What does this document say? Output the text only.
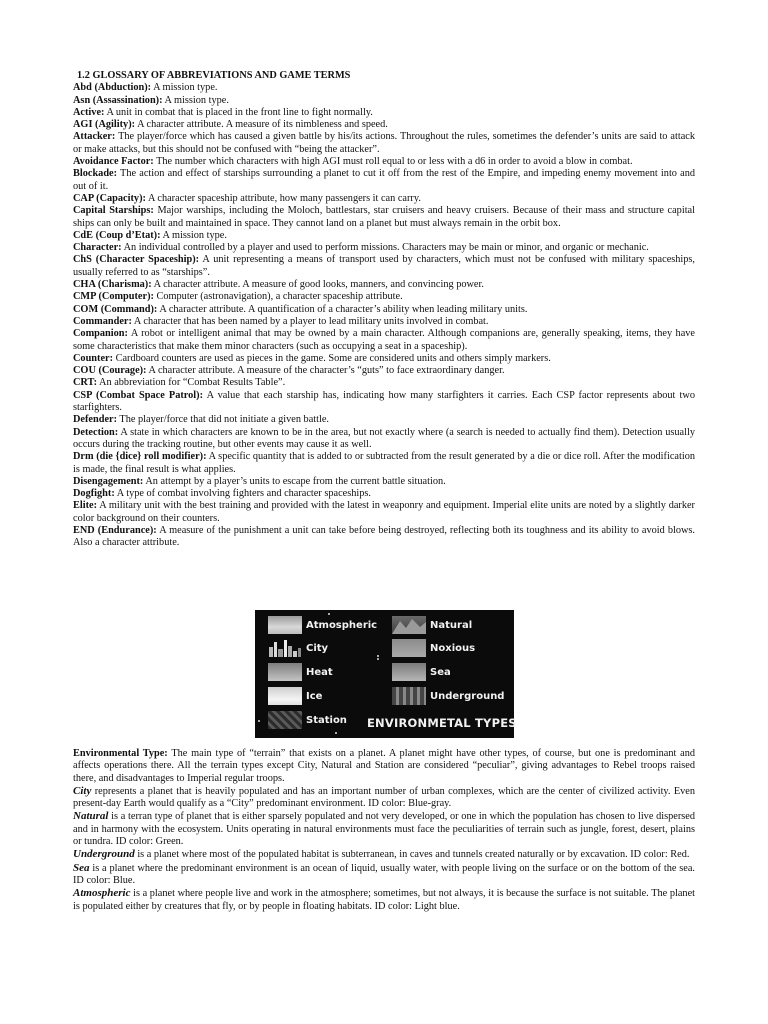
1.2 GLOSSARY OF ABBREVIATIONS AND GAME TERMS

Abd (Abduction): A mission type.

Asn (Assassination): A mission type.

Active: A unit in combat that is placed in the front line to fight normally.

AGI (Agility): A character attribute. A measure of its nimbleness and speed.

Attacker: The player/force which has caused a given battle by his/its actions. Throughout the rules, sometimes the defender’s units are said to attack or make attacks, but this should not be confused with “being the attacker”.

Avoidance Factor: The number which characters with high AGI must roll equal to or less with a d6 in order to avoid a blow in combat.

Blockade: The action and effect of starships surrounding a planet to cut it off from the rest of the Empire, and impeding enemy movement into and out of it.

CAP (Capacity): A character spaceship attribute, how many passengers it can carry.

Capital Starships: Major warships, including the Moloch, battlestars, star cruisers and heavy cruisers. Because of their mass and structure capital ships can only be built and maintained in space. They cannot land on a planet but must always remain in the orbit box.

CdE (Coup d’Etat): A mission type.

Character: An individual controlled by a player and used to perform missions. Characters may be main or minor, and organic or mechanic.

ChS (Character Spaceship): A unit representing a means of transport used by characters, which must not be confused with military spaceships, usually referred to as “starships”.

CHA (Charisma): A character attribute. A measure of good looks, manners, and convincing power.

CMP (Computer): Computer (astronavigation), a character spaceship attribute.

COM (Command): A character attribute. A quantification of a character’s ability when leading military units.

Commander: A character that has been named by a player to lead military units involved in combat.

Companion: A robot or intelligent animal that may be owned by a main character. Although companions are, generally speaking, items, they have some characteristics that make them minor characters (such as occupying a seat in a spaceship).

Counter: Cardboard counters are used as pieces in the game. Some are considered units and others simply markers.

COU (Courage): A character attribute. A measure of the character’s “guts” to face extraordinary danger.

CRT: An abbreviation for “Combat Results Table”.

CSP (Combat Space Patrol): A value that each starship has, indicating how many starfighters it carries. Each CSP factor represents about two starfighters.

Defender: The player/force that did not initiate a given battle.

Detection: A state in which characters are known to be in the area, but not exactly where (a search is needed to actually find them). Detection usually occurs during the tracking routine, but other events may cause it as well.

Drm (die {dice} roll modifier): A specific quantity that is added to or subtracted from the result generated by a die or dice roll. After the modification is made, the final result is what applies.

Disengagement: An attempt by a player’s units to escape from the current battle situation.

Dogfight: A type of combat involving fighters and character spaceships.

Elite: A military unit with the best training and provided with the latest in weaponry and equipment. Imperial elite units are noted by a slightly darker color background on their counters.

END (Endurance): A measure of the punishment a unit can take before being destroyed, reflecting both its toughness and its ability to avoid blows. Also a character attribute.

Atmospheric
City
Heat
Ice
Station
Natural
Noxious
Sea
Underground
ENVIRONMETAL TYPES

Environmental Type: The main type of “terrain” that exists on a planet. A planet might have other types, of course, but one is predominant and affects operations there. All the terrain types except City, Natural and Station are considered “peculiar”, giving advantages to Rebel troops raised there, and disadvantages to Imperial regular troops.

City represents a planet that is heavily populated and has an important number of urban complexes, which are the center of civilized activity. Even present-day Earth would qualify as a “City” predominant environment. ID color: Blue-gray.

Natural is a terran type of planet that is either sparsely populated and not very developed, or one in which the population has chosen to live dispersed and in harmony with the ecosystem. Units operating in natural environments must face the peculiarities of terrain such as jungle, forest, desert, plains or tundra. ID color: Green.

Underground is a planet where most of the populated habitat is subterranean, in caves and tunnels created naturally or by excavation. ID color: Red.

Sea is a planet where the predominant environment is an ocean of liquid, usually water, with people living on the surface or on the bottom of the sea. ID color: Blue.

Atmospheric is a planet where people live and work in the atmosphere; sometimes, but not always, it is because the surface is not suitable. The planet is populated either by creatures that fly, or by people in floating habitats. ID color: Light blue.
